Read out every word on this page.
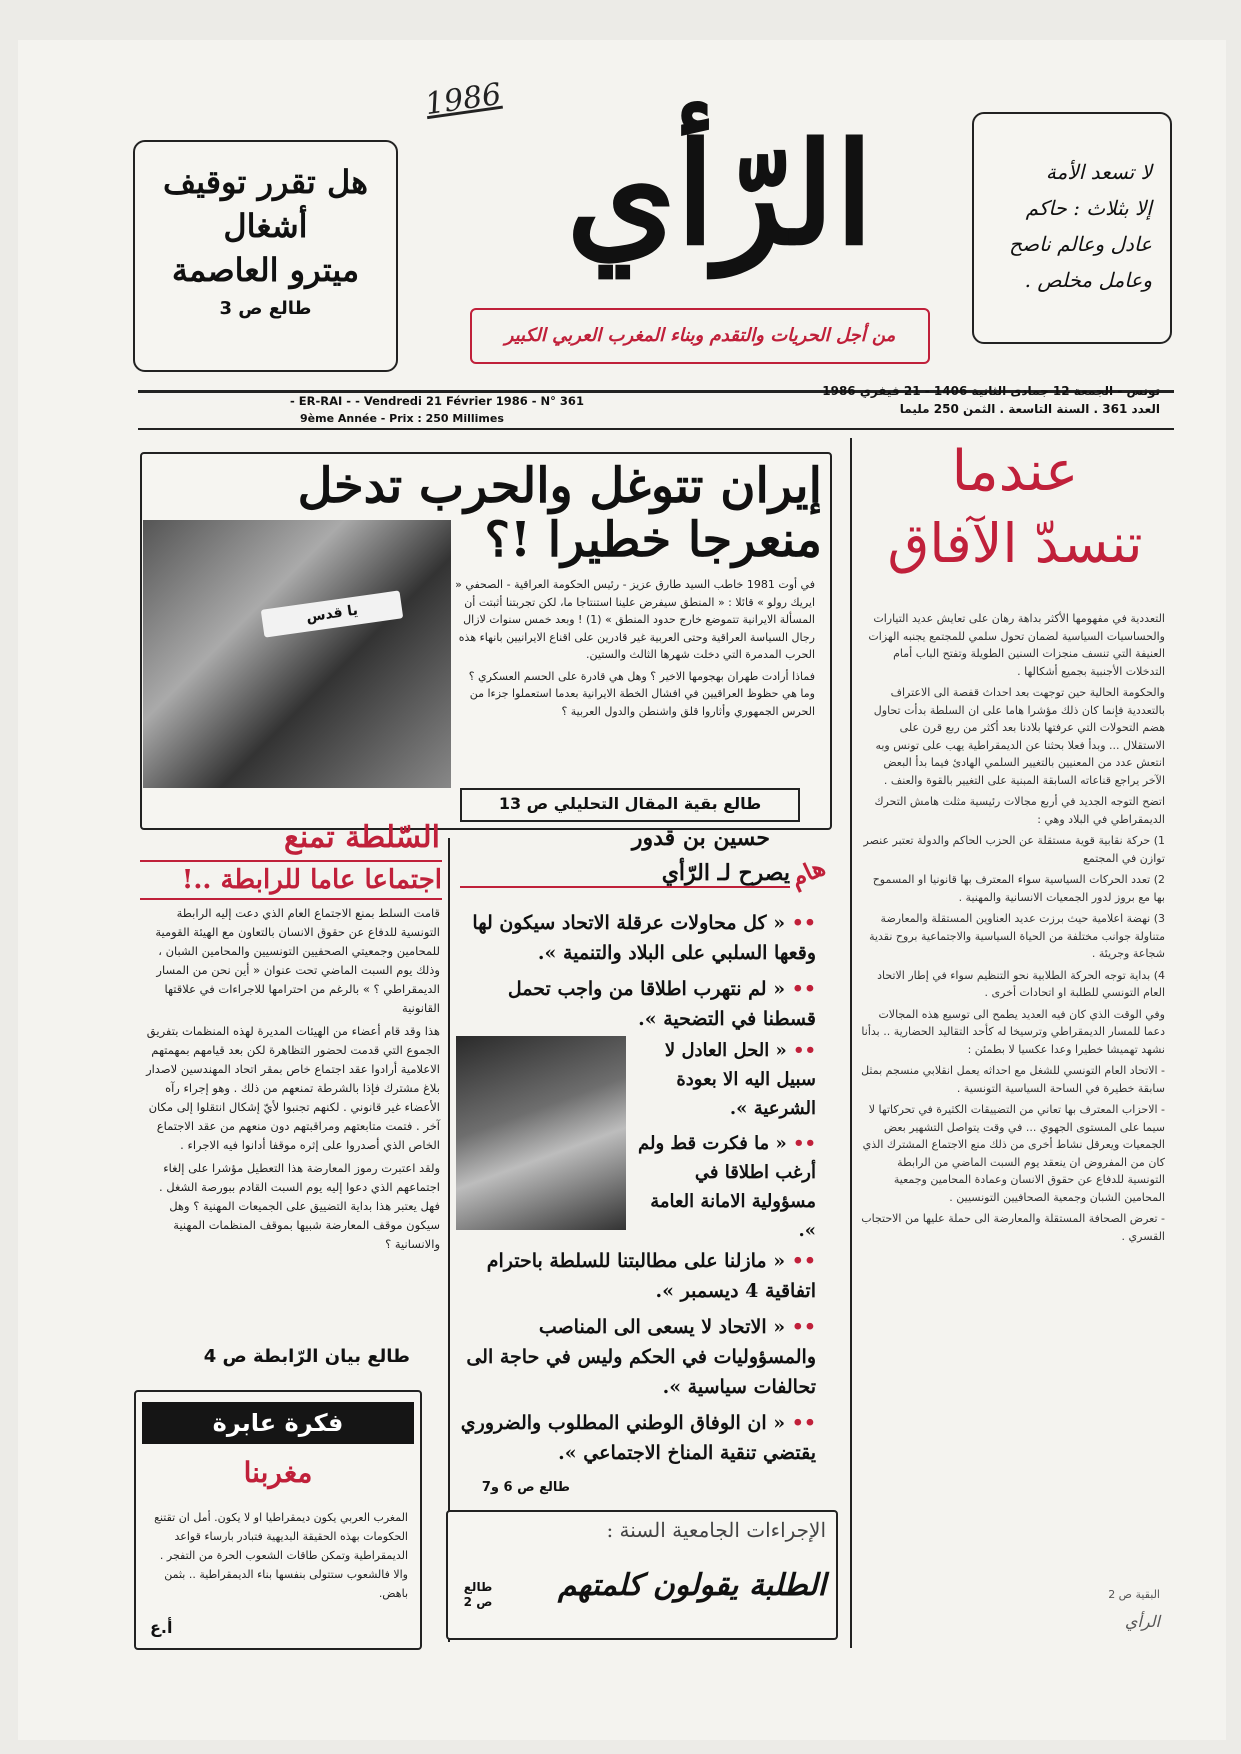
1986
هل تقرر توقيف
أشغال
ميترو العاصمة
طالع ص 3
الرّأي
من أجل الحريات والتقدم وبناء المغرب العربي الكبير
لا تسعد الأمة
إلا بثلاث : حاكم
عادل وعالم ناصح
وعامل مخلص .
- ER-RAI - - Vendredi 21 Février 1986 - N° 361
9ème Année - Prix : 250 Millimes
تونس - الجمعة 12 جمادى الثانية 1406 - 21 فيفري 1986
العدد 361 . السنة التاسعة . الثمن 250 مليما
يا قدس
إيران تتوغل والحرب تدخل
منعرجا خطيرا !؟

في أوت 1981 خاطب السيد طارق عزيز - رئيس الحكومة العراقية - الصحفي « ايريك رولو » قائلا : « المنطق سيفرض علينا استنتاجا ما، لكن تجربتنا أثبتت أن المسألة الايرانية تتموضع خارج حدود المنطق » (1) ! وبعد خمس سنوات لازال رجال السياسة العراقية وحتى العربية غير قادرين على اقناع الايرانيين بانهاء هذه الحرب المدمرة التي دخلت شهرها الثالث والستين.

فماذا أرادت طهران بهجومها الاخير ؟ وهل هي قادرة على الحسم العسكري ؟ وما هي حظوظ العراقيين في افشال الخطة الايرانية بعدما استعملوا جزءا من الحرس الجمهوري وأثاروا قلق واشنطن والدول العربية ؟

طالع بقية المقال التحليلي ص 13
عندما
تنسدّ الآفاق

التعددية في مفهومها الأكثر بداهة رهان على تعايش عديد التيارات والحساسيات السياسية لضمان تحول سلمي للمجتمع يجنبه الهزات العنيفة التي تنسف منجزات السنين الطويلة وتفتح الباب أمام التدخلات الأجنبية بجميع أشكالها .

والحكومة الحالية حين توجهت بعد احداث قفصة الى الاعتراف بالتعددية فإنما كان ذلك مؤشرا هاما على ان السلطة بدأت تحاول هضم التحولات التي عرفتها بلادنا بعد أكثر من ربع قرن على الاستقلال ... وبدأ فعلا بحثنا عن الديمقراطية يهب على تونس وبه انتعش عدد من المعنيين بالتغيير السلمي الهادئ فيما بدأ البعض الآخر يراجع قناعاته السابقة المبنية على التغيير بالقوة والعنف .

اتضح التوجه الجديد في أربع مجالات رئيسية مثلت هامش التحرك الديمقراطي في البلاد وهي :

1) حركة نقابية قوية مستقلة عن الحزب الحاكم والدولة تعتبر عنصر توازن في المجتمع

2) تعدد الحركات السياسية سواء المعترف بها قانونيا او المسموح بها مع بروز لدور الجمعيات الانسانية والمهنية .

3) نهضة اعلامية حيث برزت عديد العناوين المستقلة والمعارضة متناولة جوانب مختلفة من الحياة السياسية والاجتماعية بروح نقدية شجاعة وجريئة .

4) بداية توجه الحركة الطلابية نحو التنظيم سواء في إطار الاتحاد العام التونسي للطلبة او اتحادات أخرى .

وفي الوقت الذي كان فيه العديد يطمح الى توسيع هذه المجالات دعما للمسار الديمقراطي وترسيخا له كأحد التقاليد الحضارية .. بدأنا نشهد تهميشا خطيرا وعدا عكسيا لا بطمئن :

- الاتحاد العام التونسي للشغل مع احداثه يعمل انقلابي منسجم بمثل سابقة خطيرة في الساحة السياسية التونسية .

- الاحزاب المعترف بها تعاني من التضييقات الكثيرة في تحركاتها لا سيما على المستوى الجهوي ... في وقت يتواصل التشهير بعض الجمعيات ويعرقل نشاط أخرى من ذلك منع الاجتماع المشترك الذي كان من المفروض ان ينعقد يوم السبت الماضي من الرابطة التونسية للدفاع عن حقوق الانسان وعمادة المحامين وجمعية المحامين الشبان وجمعية الصحافيين التونسيين .

- تعرض الصحافة المستقلة والمعارضة الى حملة عليها من الاحتجاب القسري .

البقية ص 2
الرأي
السّلطة تمنع
اجتماعا عاما للرابطة ..!

قامت السلط بمنع الاجتماع العام الذي دعت إليه الرابطة التونسية للدفاع عن حقوق الانسان بالتعاون مع الهيئة القومية للمحامين وجمعيتي الصحفيين التونسيين والمحامين الشبان ، وذلك يوم السبت الماضي تحت عنوان « أين نحن من المسار الديمقراطي ؟ » بالرغم من احترامها للاجراءات في علاقتها القانونية

هذا وقد قام أعضاء من الهيئات المديرة لهذه المنظمات بتفريق الجموع التي قدمت لحضور التظاهرة لكن بعد قيامهم بمهمتهم الاعلامية أرادوا عقد اجتماع خاص بمقر اتحاد المهندسين لاصدار بلاغ مشترك فإذا بالشرطة تمنعهم من ذلك . وهو إجراء رآه الأعضاء غير قانوني . لكنهم تجنبوا لأيّ إشكال انتقلوا إلى مكان آخر . فتمت متابعتهم ومراقبتهم دون منعهم من عقد الاجتماع الخاص الذي أصدروا على إثره موقفا أدانوا فيه الاجراء .

ولقد اعتبرت رموز المعارضة هذا التعطيل مؤشرا على إلغاء اجتماعهم الذي دعوا إليه يوم السبت القادم ببورصة الشغل . فهل يعتبر هذا بداية التضييق على الجميعات المهنية ؟ وهل سيكون موقف المعارضة شبيها بموقف المنظمات المهنية والانسانية ؟

طالع بيان الرّابطة ص 4
فكرة عابرة
مغربنا
المغرب العربي يكون ديمقراطيا او لا يكون. أمل ان تقتنع الحكومات بهذه الحقيقة البديهية فتبادر بارساء قواعد الديمقراطية وتمكن طاقات الشعوب الحرة من التفجر . والا فالشعوب ستتولى بنفسها بناء الديمقراطية .. بثمن باهض.
أ.ع
حسين بن قدور
يصرح لـ الرّأي
هام
•• « كل محاولات عرقلة الاتحاد سيكون لها وقعها السلبي على البلاد والتنمية ».
•• « لم نتهرب اطلاقا من واجب تحمل قسطنا في التضحية ».
•• « الحل العادل لا سبيل اليه الا بعودة الشرعية ».
•• « ما فكرت قط ولم أرغب اطلاقا في مسؤولية الامانة العامة ».
•• « مازلنا على مطالبتنا للسلطة باحترام اتفاقية 4 ديسمبر ».
•• « الاتحاد لا يسعى الى المناصب والمسؤوليات في الحكم وليس في حاجة الى تحالفات سياسية ».
•• « ان الوفاق الوطني المطلوب والضروري يقتضي تنقية المناخ الاجتماعي ».
طالع ص 6 و7
الإجراءات الجامعية السنة :
الطلبة يقولون كلمتهم
طالع ص 2
